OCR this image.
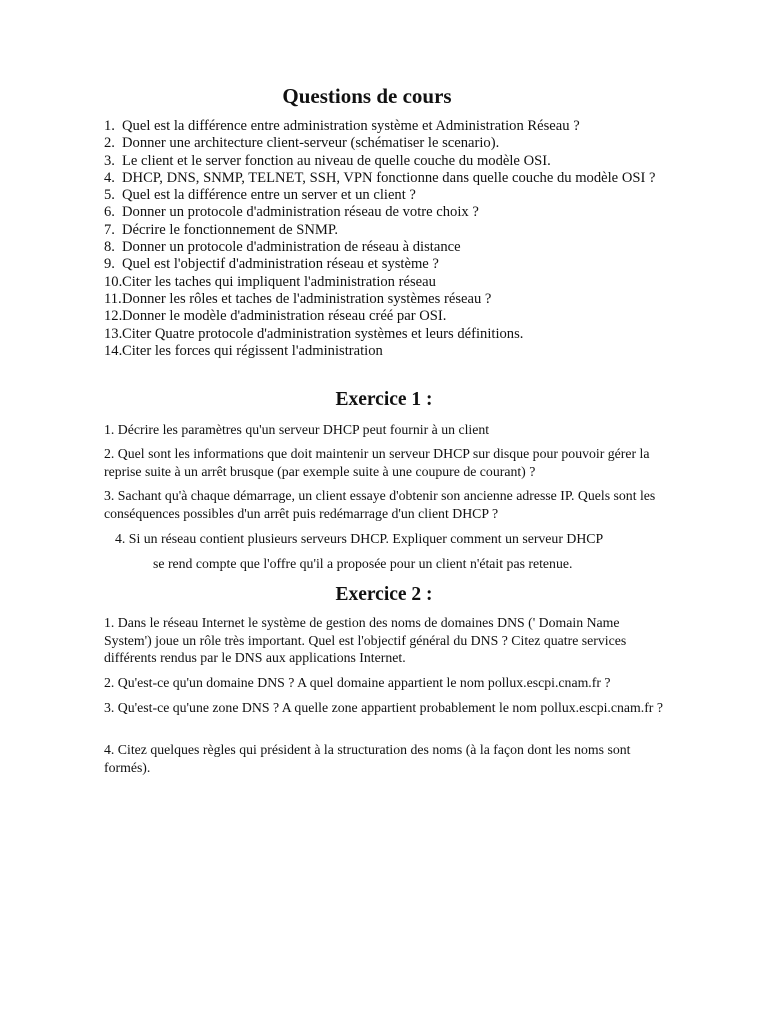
Questions de cours
1. Quel est la différence entre administration système et Administration Réseau ?
2. Donner une architecture client-serveur (schématiser le scenario).
3. Le client et le server fonction au niveau de quelle couche du modèle OSI.
4. DHCP, DNS, SNMP, TELNET, SSH, VPN fonctionne dans quelle couche du modèle OSI ?
5. Quel est la différence entre un server et un client ?
6. Donner un protocole d'administration réseau de votre choix ?
7. Décrire le fonctionnement de SNMP.
8. Donner un protocole d'administration de réseau à distance
9. Quel est l'objectif d'administration réseau et système ?
10. Citer les taches qui impliquent l'administration réseau
11. Donner les rôles et taches de l'administration systèmes réseau ?
12. Donner le modèle d'administration réseau créé par OSI.
13. Citer Quatre protocole d'administration systèmes et leurs définitions.
14. Citer les forces qui régissent l'administration
Exercice 1 :

1. Décrire les paramètres qu'un serveur DHCP peut fournir à un client

2. Quel sont les informations que doit maintenir un serveur DHCP sur disque pour pouvoir gérer la reprise suite à un arrêt brusque (par exemple suite à une coupure de courant) ?

3. Sachant qu'à chaque démarrage, un client essaye d'obtenir son ancienne adresse IP. Quels sont les conséquences possibles d'un arrêt puis redémarrage d'un client DHCP ?

4. Si un réseau contient plusieurs serveurs DHCP. Expliquer comment un serveur DHCP

se rend compte que l'offre qu'il a proposée pour un client n'était pas retenue.

Exercice 2 :

1. Dans le réseau Internet le système de gestion des noms de domaines DNS (' Domain Name System') joue un rôle très important. Quel est l'objectif général du DNS ? Citez quatre services différents rendus par le DNS aux applications Internet.

2. Qu'est-ce qu'un domaine DNS ? A quel domaine appartient le nom pollux.escpi.cnam.fr ?

3. Qu'est-ce qu'une zone DNS ? A quelle zone appartient probablement le nom pollux.escpi.cnam.fr ?

4. Citez quelques règles qui président à la structuration des noms (à la façon dont les noms sont formés).
